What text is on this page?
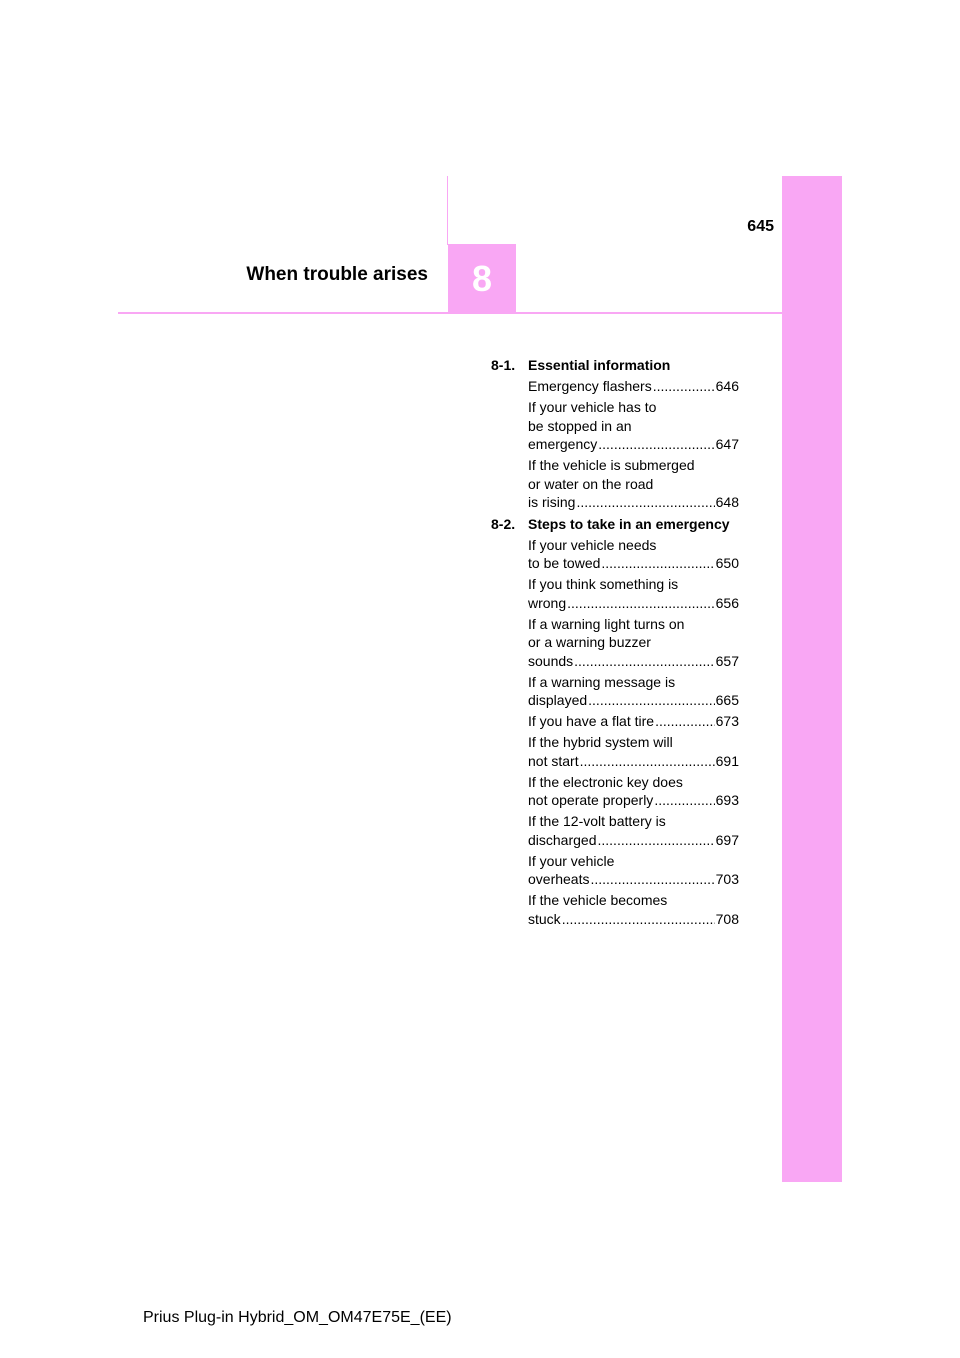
645
When trouble arises 8
8-1. Essential information
Emergency flashers .....	646
If your vehicle has to
be stopped in an
emergency .....	647
If the vehicle is submerged
or water on the road
is rising .....	648
8-2. Steps to take in an emergency
If your vehicle needs
to be towed .....	650
If you think something is
wrong .....	656
If a warning light turns on
or a warning buzzer
sounds .....	657
If a warning message is
displayed .....	665
If you have a flat tire .....	673
If the hybrid system will
not start .....	691
If the electronic key does
not operate properly .....	693
If the 12-volt battery is
discharged .....	697
If your vehicle
overheats .....	703
If the vehicle becomes
stuck .....	708
Prius Plug-in Hybrid_OM_OM47E75E_(EE)
